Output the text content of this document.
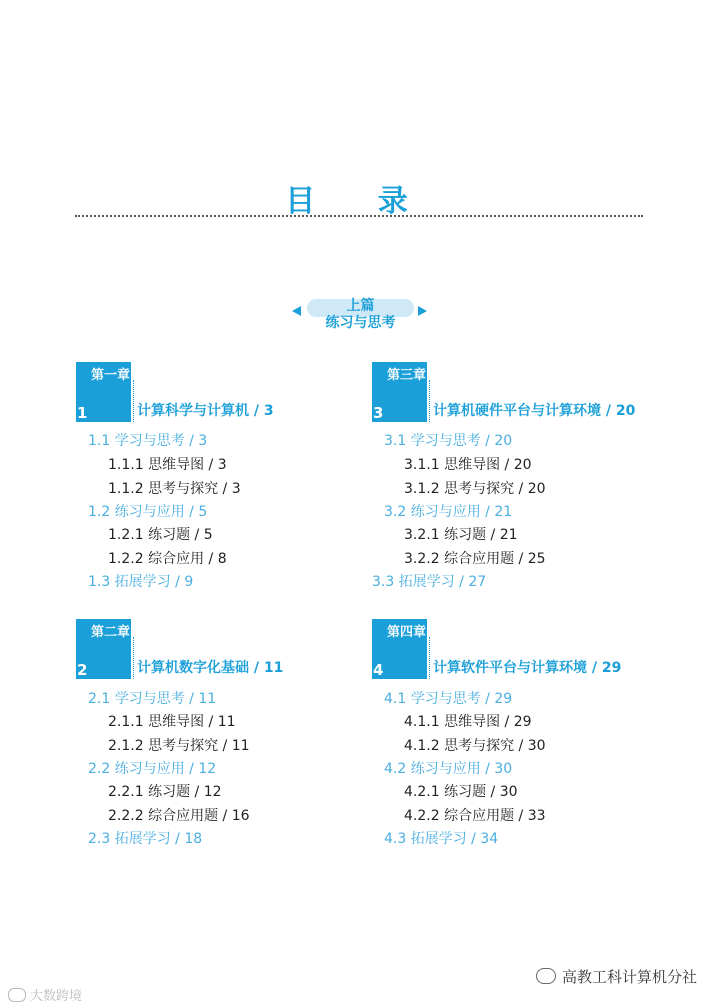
目 录
上篇
练习与思考
第一章
1	计算科学与计算机 / 3
第三章
3	计算机硬件平台与计算环境 / 20
第二章
2	计算机数字化基础 / 11
第四章
4	计算软件平台与计算环境 / 29
1.1 学习与思考 / 3
1.1.1 思维导图 / 3
1.1.2 思考与探究 / 3
1.2 练习与应用 / 5
1.2.1 练习题 / 5
1.2.2 综合应用 / 8
1.3 拓展学习 / 9
3.1 学习与思考 / 20
3.1.1 思维导图 / 20
3.1.2 思考与探究 / 20
3.2 练习与应用 / 21
3.2.1 练习题 / 21
3.2.2 综合应用题 / 25
3.3 拓展学习 / 27
2.1 学习与思考 / 11
2.1.1 思维导图 / 11
2.1.2 思考与探究 / 11
2.2 练习与应用 / 12
2.2.1 练习题 / 12
2.2.2 综合应用题 / 16
2.3 拓展学习 / 18
4.1 学习与思考 / 29
4.1.1 思维导图 / 29
4.1.2 思考与探究 / 30
4.2 练习与应用 / 30
4.2.1 练习题 / 30
4.2.2 综合应用题 / 33
4.3 拓展学习 / 34
高教工科计算机分社
大数跨境
